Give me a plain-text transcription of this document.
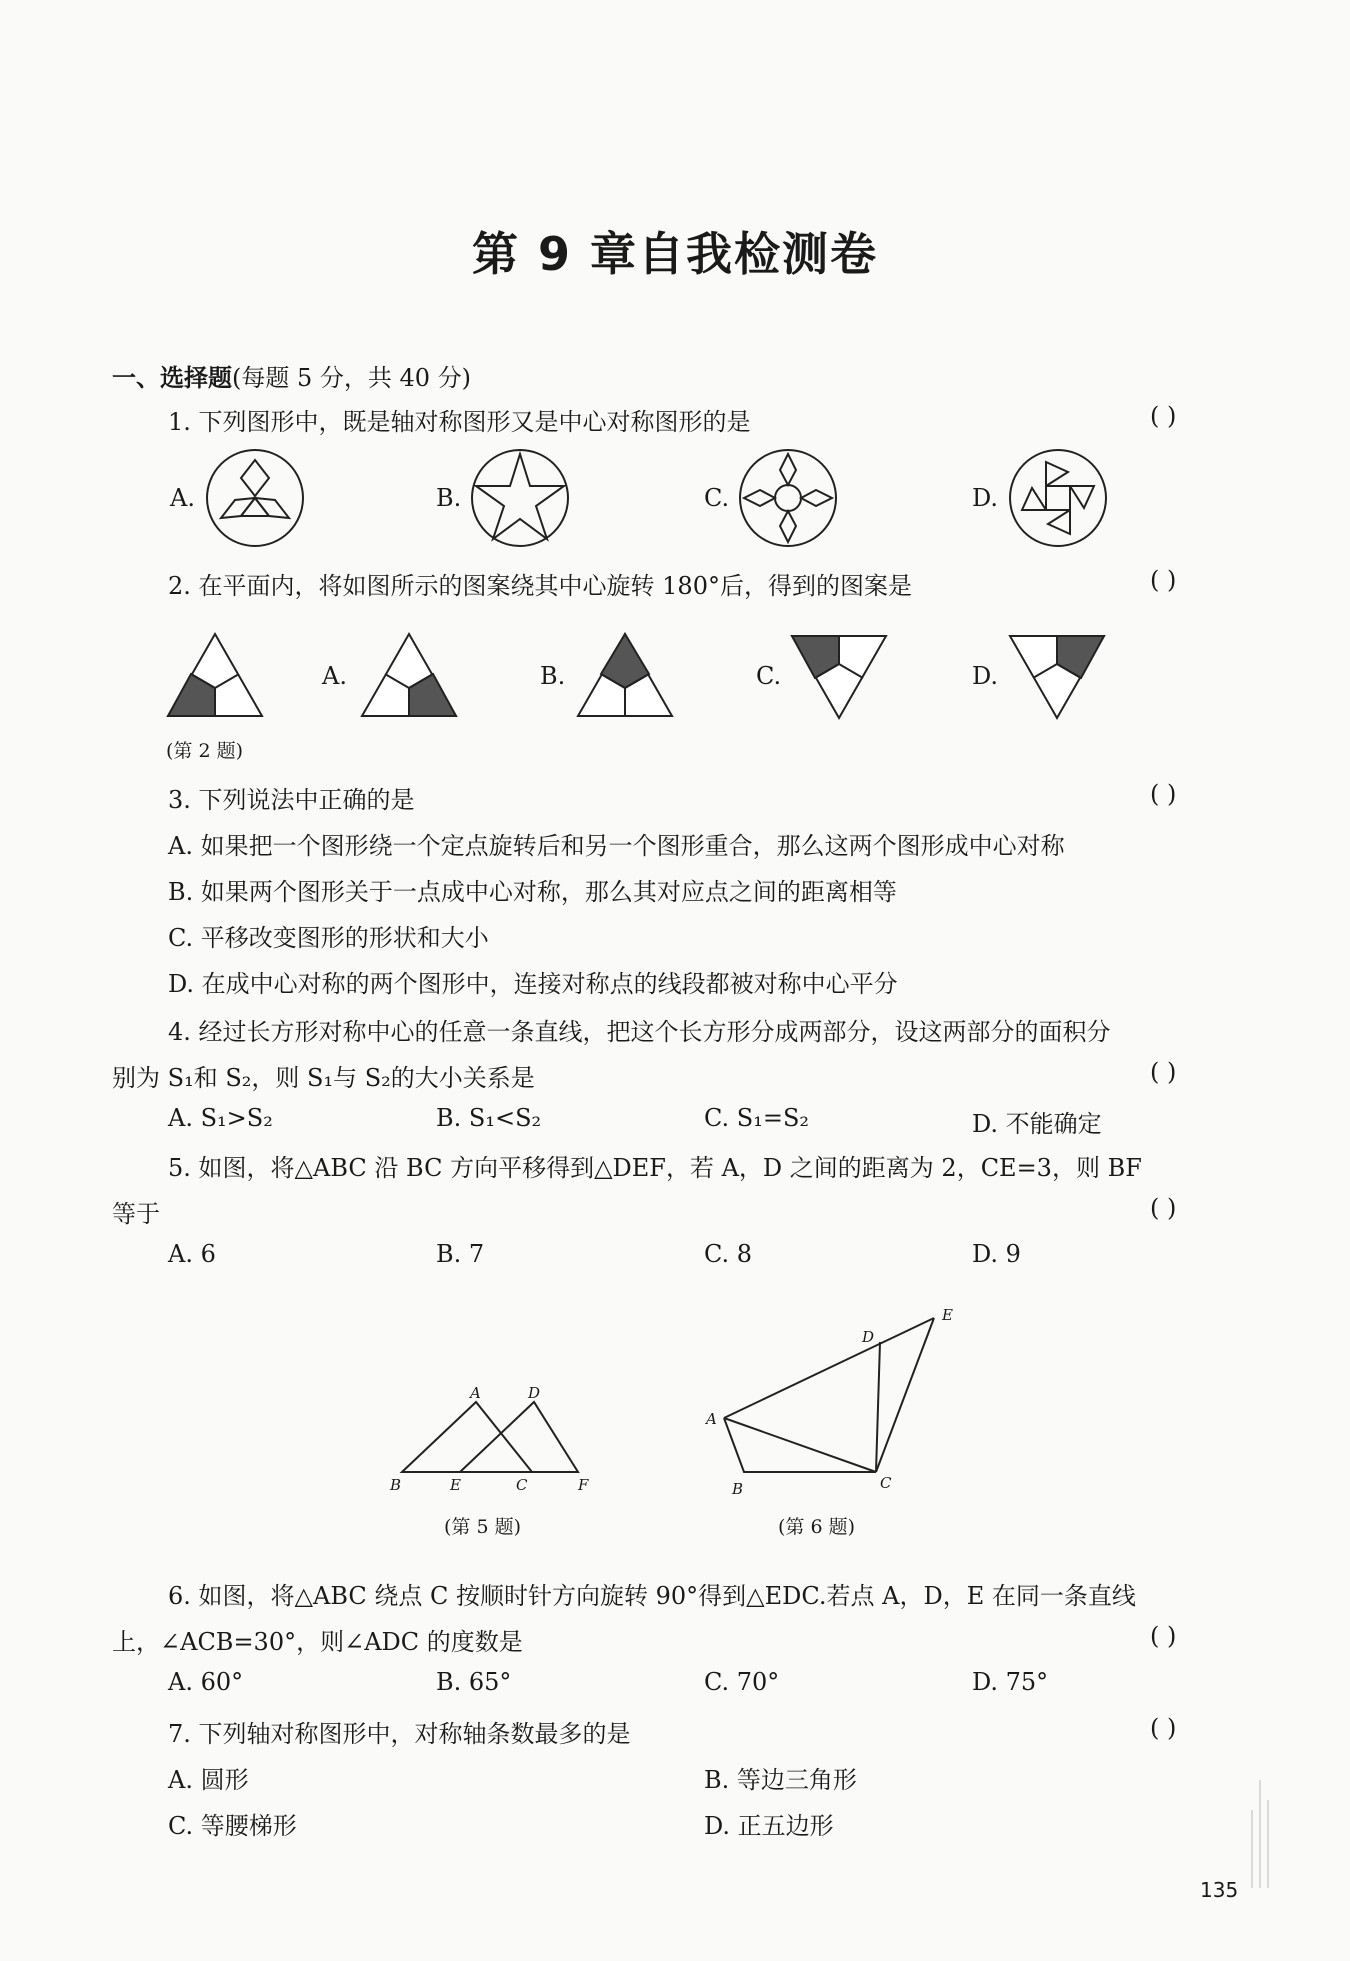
第 9 章自我检测卷
一、选择题(每题 5 分，共 40 分)
1. 下列图形中，既是轴对称图形又是中心对称图形的是	( )
A.	B.	C.	D.
2. 在平面内，将如图所示的图案绕其中心旋转 180°后，得到的图案是	( )
(第 2 题)
A.	B.	C.	D.
3. 下列说法中正确的是	( )
A. 如果把一个图形绕一个定点旋转后和另一个图形重合，那么这两个图形成中心对称
B. 如果两个图形关于一点成中心对称，那么其对应点之间的距离相等
C. 平移改变图形的形状和大小
D. 在成中心对称的两个图形中，连接对称点的线段都被对称中心平分
4. 经过长方形对称中心的任意一条直线，把这个长方形分成两部分，设这两部分的面积分
别为 S₁和 S₂，则 S₁与 S₂的大小关系是	( )
A. S₁>S₂	B. S₁<S₂	C. S₁=S₂	D. 不能确定
5. 如图，将△ABC 沿 BC 方向平移得到△DEF，若 A，D 之间的距离为 2，CE=3，则 BF
等于	( )
A. 6	B. 7	C. 8	D. 9
A	D
B	E	C	F
(第 5 题)
D
E
A
B	C
(第 6 题)
6. 如图，将△ABC 绕点 C 按顺时针方向旋转 90°得到△EDC.若点 A，D，E 在同一条直线
上，∠ACB=30°，则∠ADC 的度数是	( )
A. 60°	B. 65°	C. 70°	D. 75°
7. 下列轴对称图形中，对称轴条数最多的是	( )
A. 圆形	B. 等边三角形
C. 等腰梯形	D. 正五边形
135
